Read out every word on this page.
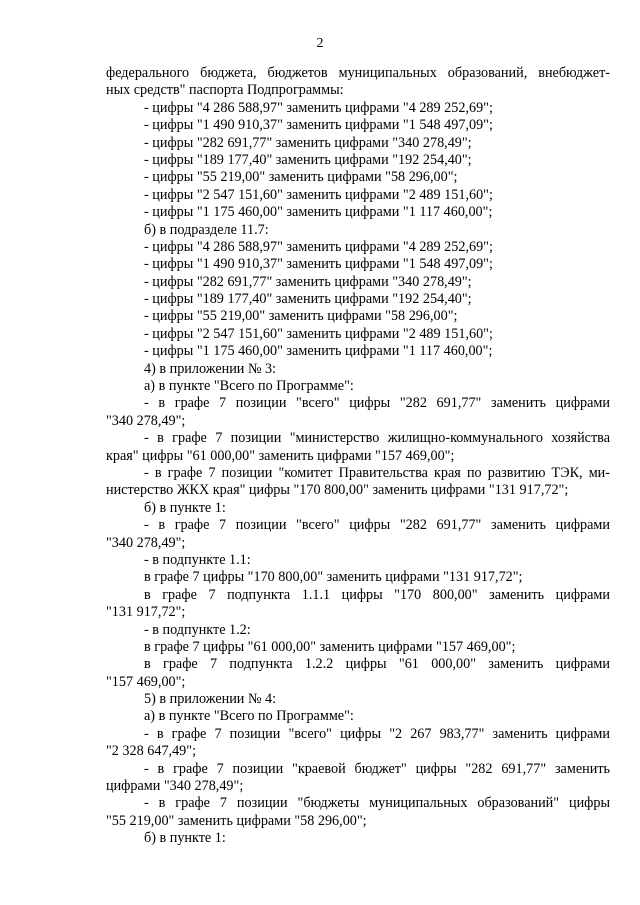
2
федерального бюджета, бюджетов муниципальных образований, внебюджет-
ных средств" паспорта Подпрограммы:
- цифры "4 286 588,97" заменить цифрами "4 289 252,69";
- цифры "1 490 910,37" заменить цифрами "1 548 497,09";
- цифры "282 691,77" заменить цифрами "340 278,49";
- цифры "189 177,40" заменить цифрами "192 254,40";
- цифры "55 219,00" заменить цифрами "58 296,00";
- цифры "2 547 151,60" заменить цифрами "2 489 151,60";
- цифры "1 175 460,00" заменить цифрами "1 117 460,00";
б) в подразделе 11.7:
- цифры "4 286 588,97" заменить цифрами "4 289 252,69";
- цифры "1 490 910,37" заменить цифрами "1 548 497,09";
- цифры "282 691,77" заменить цифрами "340 278,49";
- цифры "189 177,40" заменить цифрами "192 254,40";
- цифры "55 219,00" заменить цифрами "58 296,00";
- цифры "2 547 151,60" заменить цифрами "2 489 151,60";
- цифры "1 175 460,00" заменить цифрами "1 117 460,00";
4) в приложении № 3:
а) в пункте "Всего по Программе":
- в графе 7 позиции "всего" цифры "282 691,77" заменить цифрами
"340 278,49";
- в графе 7 позиции "министерство жилищно-коммунального хозяйства
края" цифры "61 000,00" заменить цифрами "157 469,00";
- в графе 7 позиции "комитет Правительства края по развитию ТЭК, ми-
нистерство ЖКХ края" цифры "170 800,00" заменить цифрами "131 917,72";
б) в пункте 1:
- в графе 7 позиции "всего" цифры "282 691,77" заменить цифрами
"340 278,49";
- в подпункте 1.1:
в графе 7 цифры "170 800,00" заменить цифрами "131 917,72";
в графе 7 подпункта 1.1.1 цифры "170 800,00" заменить цифрами
"131 917,72";
- в подпункте 1.2:
в графе 7 цифры "61 000,00" заменить цифрами "157 469,00";
в графе 7 подпункта 1.2.2 цифры "61 000,00" заменить цифрами
"157 469,00";
5) в приложении № 4:
а) в пункте "Всего по Программе":
- в графе 7 позиции "всего" цифры "2 267 983,77" заменить цифрами
"2 328 647,49";
- в графе 7 позиции "краевой бюджет" цифры "282 691,77" заменить
цифрами "340 278,49";
- в графе 7 позиции "бюджеты муниципальных образований" цифры
"55 219,00" заменить цифрами "58 296,00";
б) в пункте 1:
